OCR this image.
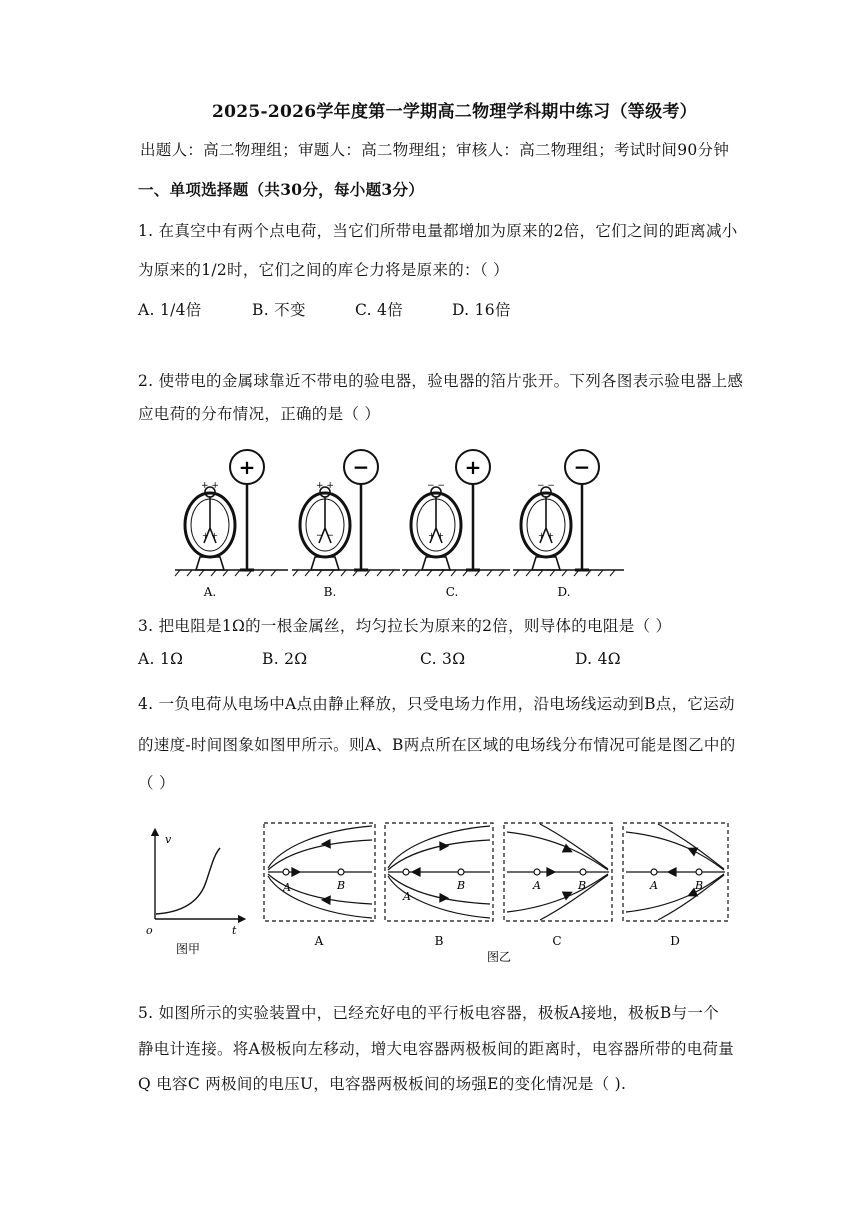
2025-2026学年度第一学期高二物理学科期中练习（等级考）
出题人：高二物理组；审题人：高二物理组；审核人：高二物理组；考试时间90分钟
一、单项选择题（共30分，每小题3分）
1. 在真空中有两个点电荷，当它们所带电量都增加为原来的2倍，它们之间的距离减小
为原来的1/2时，它们之间的库仑力将是原来的：（ ）
A. 1/4倍	B. 不变	C. 4倍	D. 16倍
2. 使带电的金属球靠近不带电的验电器，验电器的箔片张开。下列各图表示验电器上感
应电荷的分布情况，正确的是（ ）
+
+ +
+ +
A.
−
+ +
− −
B.
+
− −
+ +
C.
−
− −
+ +
D.
3. 把电阻是1Ω的一根金属丝，均匀拉长为原来的2倍，则导体的电阻是（ ）
A. 1Ω	B. 2Ω	C. 3Ω	D. 4Ω
4. 一负电荷从电场中A点由静止释放，只受电场力作用，沿电场线运动到B点，它运动
的速度-时间图象如图甲所示。则A、B两点所在区域的电场线分布情况可能是图乙中的
（ ）
v
t
o
图甲
A	B
A
A
B
B
A	B
C
A	B
D
图乙
5. 如图所示的实验装置中，已经充好电的平行板电容器，极板A接地，极板B与一个
静电计连接。将A极板向左移动，增大电容器两极板间的距离时，电容器所带的电荷量
Q 电容C 两极间的电压U，电容器两极板间的场强E的变化情况是（ ).
